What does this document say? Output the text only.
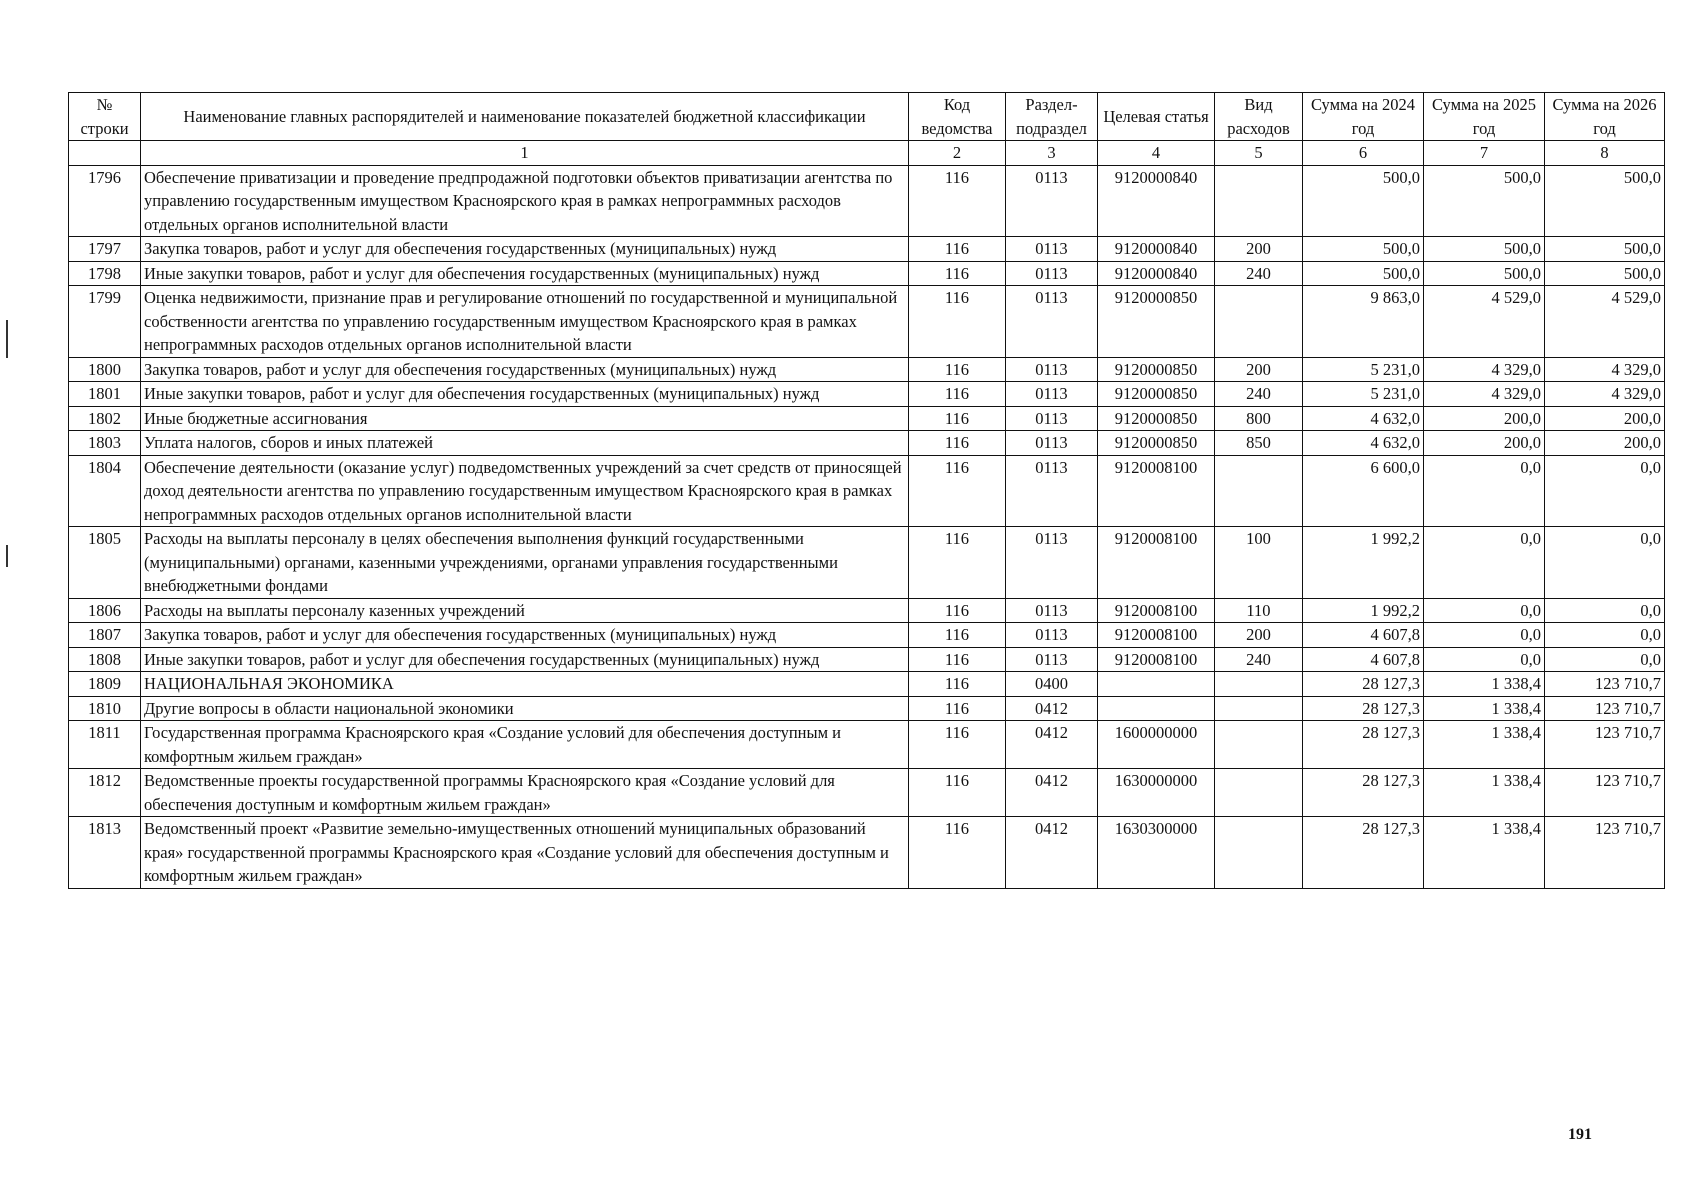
№ строки	Наименование главных распорядителей и наименование показателей бюджетной классификации	Код ведомства	Раздел-подраздел	Целевая статья	Вид расходов	Сумма на 2024 год	Сумма на 2025 год	Сумма на 2026 год
	1	2	3	4	5	6	7	8
1796	Обеспечение приватизации и проведение предпродажной подготовки объектов приватизации агентства по управлению государственным имуществом Красноярского края в рамках непрограммных расходов отдельных органов исполнительной власти	116	0113	9120000840		500,0	500,0	500,0
1797	Закупка товаров, работ и услуг для обеспечения государственных (муниципальных) нужд	116	0113	9120000840	200	500,0	500,0	500,0
1798	Иные закупки товаров, работ и услуг для обеспечения государственных (муниципальных) нужд	116	0113	9120000840	240	500,0	500,0	500,0
1799	Оценка недвижимости, признание прав и регулирование отношений по государственной и муниципальной собственности агентства по управлению государственным имуществом Красноярского края в рамках непрограммных расходов отдельных органов исполнительной власти	116	0113	9120000850		9 863,0	4 529,0	4 529,0
1800	Закупка товаров, работ и услуг для обеспечения государственных (муниципальных) нужд	116	0113	9120000850	200	5 231,0	4 329,0	4 329,0
1801	Иные закупки товаров, работ и услуг для обеспечения государственных (муниципальных) нужд	116	0113	9120000850	240	5 231,0	4 329,0	4 329,0
1802	Иные бюджетные ассигнования	116	0113	9120000850	800	4 632,0	200,0	200,0
1803	Уплата налогов, сборов и иных платежей	116	0113	9120000850	850	4 632,0	200,0	200,0
1804	Обеспечение деятельности (оказание услуг) подведомственных учреждений за счет средств от приносящей доход деятельности агентства по управлению государственным имуществом Красноярского края в рамках непрограммных расходов отдельных органов исполнительной власти	116	0113	9120008100		6 600,0	0,0	0,0
1805	Расходы на выплаты персоналу в целях обеспечения выполнения функций государственными (муниципальными) органами, казенными учреждениями, органами управления государственными внебюджетными фондами	116	0113	9120008100	100	1 992,2	0,0	0,0
1806	Расходы на выплаты персоналу казенных учреждений	116	0113	9120008100	110	1 992,2	0,0	0,0
1807	Закупка товаров, работ и услуг для обеспечения государственных (муниципальных) нужд	116	0113	9120008100	200	4 607,8	0,0	0,0
1808	Иные закупки товаров, работ и услуг для обеспечения государственных (муниципальных) нужд	116	0113	9120008100	240	4 607,8	0,0	0,0
1809	НАЦИОНАЛЬНАЯ ЭКОНОМИКА	116	0400			28 127,3	1 338,4	123 710,7
1810	Другие вопросы в области национальной экономики	116	0412			28 127,3	1 338,4	123 710,7
1811	Государственная программа Красноярского края «Создание условий для обеспечения доступным и комфортным жильем граждан»	116	0412	1600000000		28 127,3	1 338,4	123 710,7
1812	Ведомственные проекты государственной программы Красноярского края «Создание условий для обеспечения доступным и комфортным жильем граждан»	116	0412	1630000000		28 127,3	1 338,4	123 710,7
1813	Ведомственный проект «Развитие земельно-имущественных отношений муниципальных образований края» государственной программы Красноярского края «Создание условий для обеспечения доступным и комфортным жильем граждан»	116	0412	1630300000		28 127,3	1 338,4	123 710,7
191
